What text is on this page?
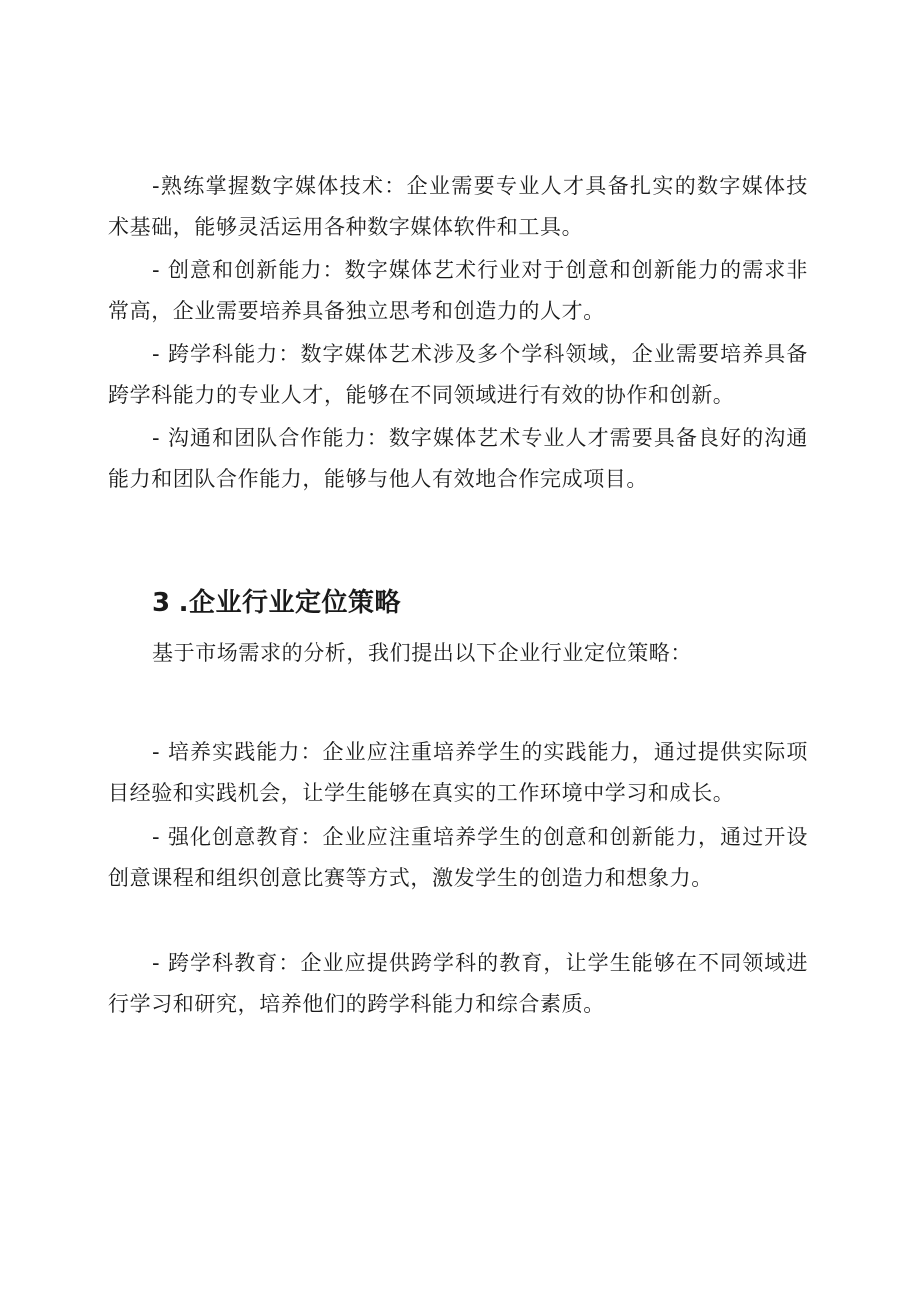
-熟练掌握数字媒体技术：企业需要专业人才具备扎实的数字媒体技术基础，能够灵活运用各种数字媒体软件和工具。

- 创意和创新能力：数字媒体艺术行业对于创意和创新能力的需求非常高，企业需要培养具备独立思考和创造力的人才。

- 跨学科能力：数字媒体艺术涉及多个学科领域，企业需要培养具备跨学科能力的专业人才，能够在不同领域进行有效的协作和创新。

- 沟通和团队合作能力：数字媒体艺术专业人才需要具备良好的沟通能力和团队合作能力，能够与他人有效地合作完成项目。

3 .企业行业定位策略

基于市场需求的分析，我们提出以下企业行业定位策略：

- 培养实践能力：企业应注重培养学生的实践能力，通过提供实际项目经验和实践机会，让学生能够在真实的工作环境中学习和成长。

- 强化创意教育：企业应注重培养学生的创意和创新能力，通过开设创意课程和组织创意比赛等方式，激发学生的创造力和想象力。

- 跨学科教育：企业应提供跨学科的教育，让学生能够在不同领域进行学习和研究，培养他们的跨学科能力和综合素质。
